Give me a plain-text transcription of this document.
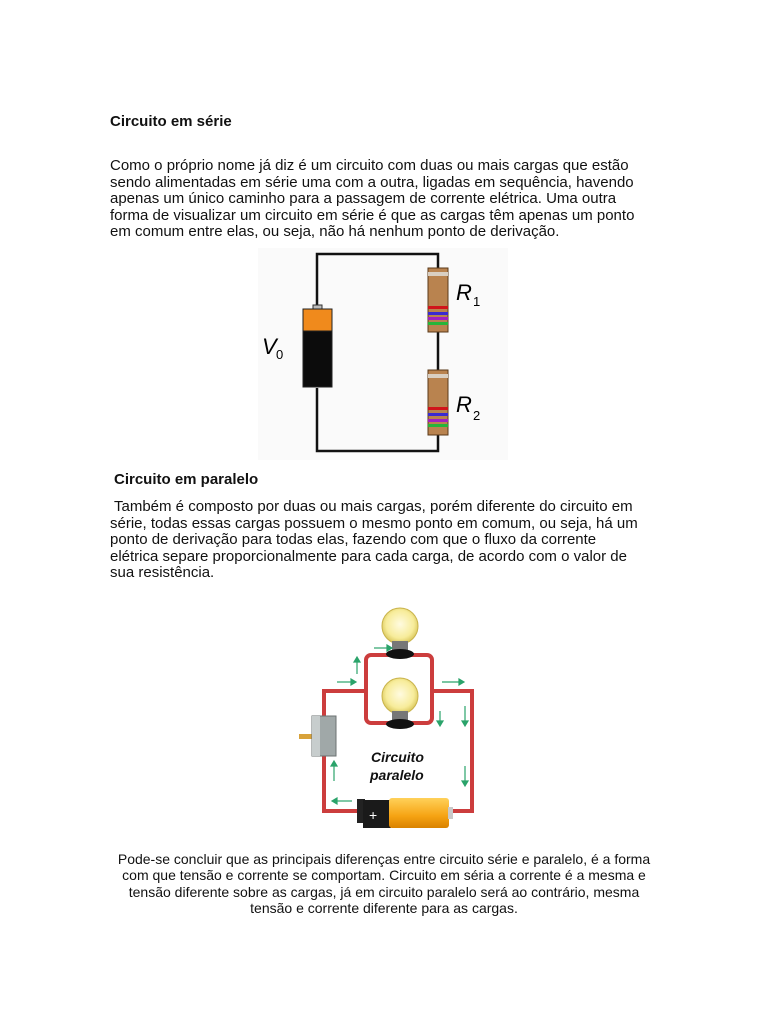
Circuito em série
Como o próprio nome já diz é um circuito com duas ou mais cargas que estão
sendo alimentadas em série uma com a outra, ligadas em sequência, havendo
apenas um único caminho para a passagem de corrente elétrica. Uma outra
forma de visualizar um circuito em série é que as cargas têm apenas um ponto
em comum entre elas, ou seja, não há nenhum ponto de derivação.
V 0
R 1
R 2
Circuito em paralelo
Também é composto por duas ou mais cargas, porém diferente do circuito em
série, todas essas cargas possuem o mesmo ponto em comum, ou seja, há um
ponto de derivação para todas elas, fazendo com que o fluxo da corrente
elétrica separe proporcionalmente para cada carga, de acordo com o valor de
sua resistência.
+
Circuito
paralelo
Pode-se concluir que as principais diferenças entre circuito série e paralelo, é a forma
com que tensão e corrente se comportam. Circuito em séria a corrente é a mesma e
tensão diferente sobre as cargas, já em circuito paralelo será ao contrário, mesma
tensão e corrente diferente para as cargas.
